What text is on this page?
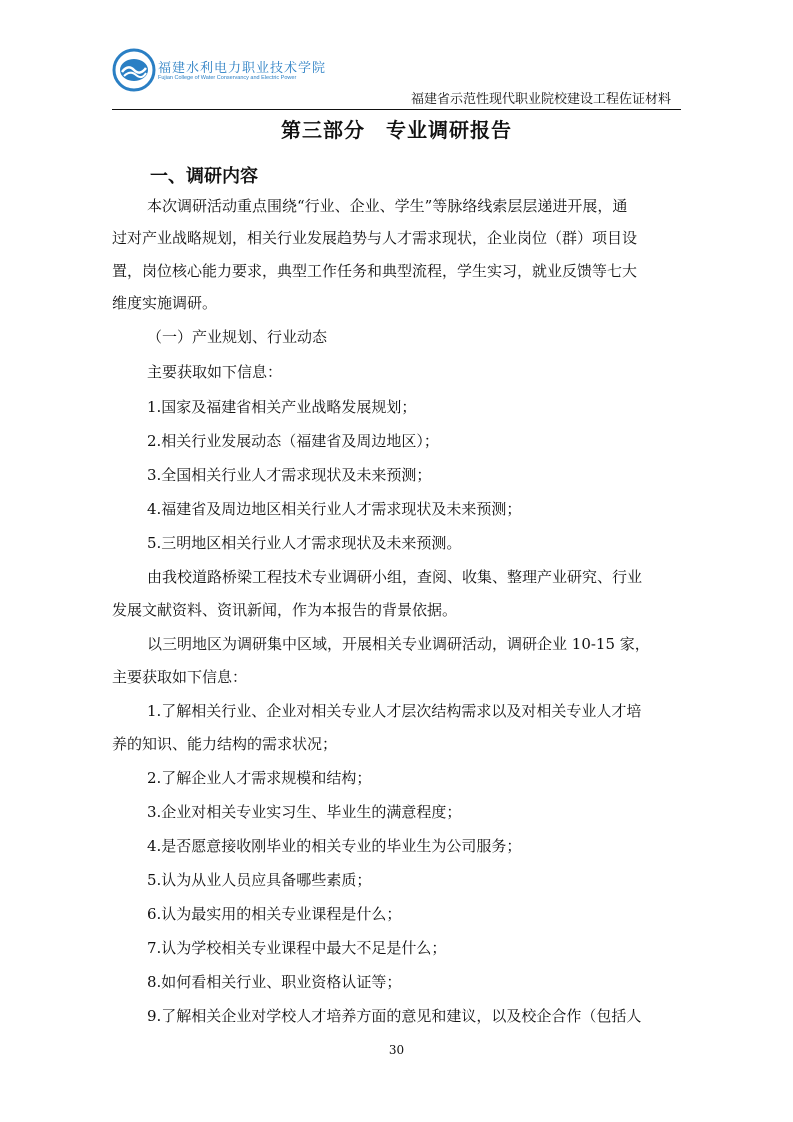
福建水利电力职业技术学院
Fujian College of Water Conservancy and Electric Power
福建省示范性现代职业院校建设工程佐证材料
第三部分　专业调研报告
一、调研内容
本次调研活动重点围绕“行业、企业、学生”等脉络线索层层递进开展，通
过对产业战略规划，相关行业发展趋势与人才需求现状，企业岗位（群）项目设
置，岗位核心能力要求，典型工作任务和典型流程，学生实习，就业反馈等七大
维度实施调研。
（一）产业规划、行业动态
主要获取如下信息：
1.国家及福建省相关产业战略发展规划；
2.相关行业发展动态（福建省及周边地区）；
3.全国相关行业人才需求现状及未来预测；
4.福建省及周边地区相关行业人才需求现状及未来预测；
5.三明地区相关行业人才需求现状及未来预测。
由我校道路桥梁工程技术专业调研小组，查阅、收集、整理产业研究、行业
发展文献资料、资讯新闻，作为本报告的背景依据。
以三明地区为调研集中区域，开展相关专业调研活动，调研企业 10-15 家，
主要获取如下信息：
1.了解相关行业、企业对相关专业人才层次结构需求以及对相关专业人才培
养的知识、能力结构的需求状况；
2.了解企业人才需求规模和结构；
3.企业对相关专业实习生、毕业生的满意程度；
4.是否愿意接收刚毕业的相关专业的毕业生为公司服务；
5.认为从业人员应具备哪些素质；
6.认为最实用的相关专业课程是什么；
7.认为学校相关专业课程中最大不足是什么；
8.如何看相关行业、职业资格认证等；
9.了解相关企业对学校人才培养方面的意见和建议，以及校企合作（包括人
30
